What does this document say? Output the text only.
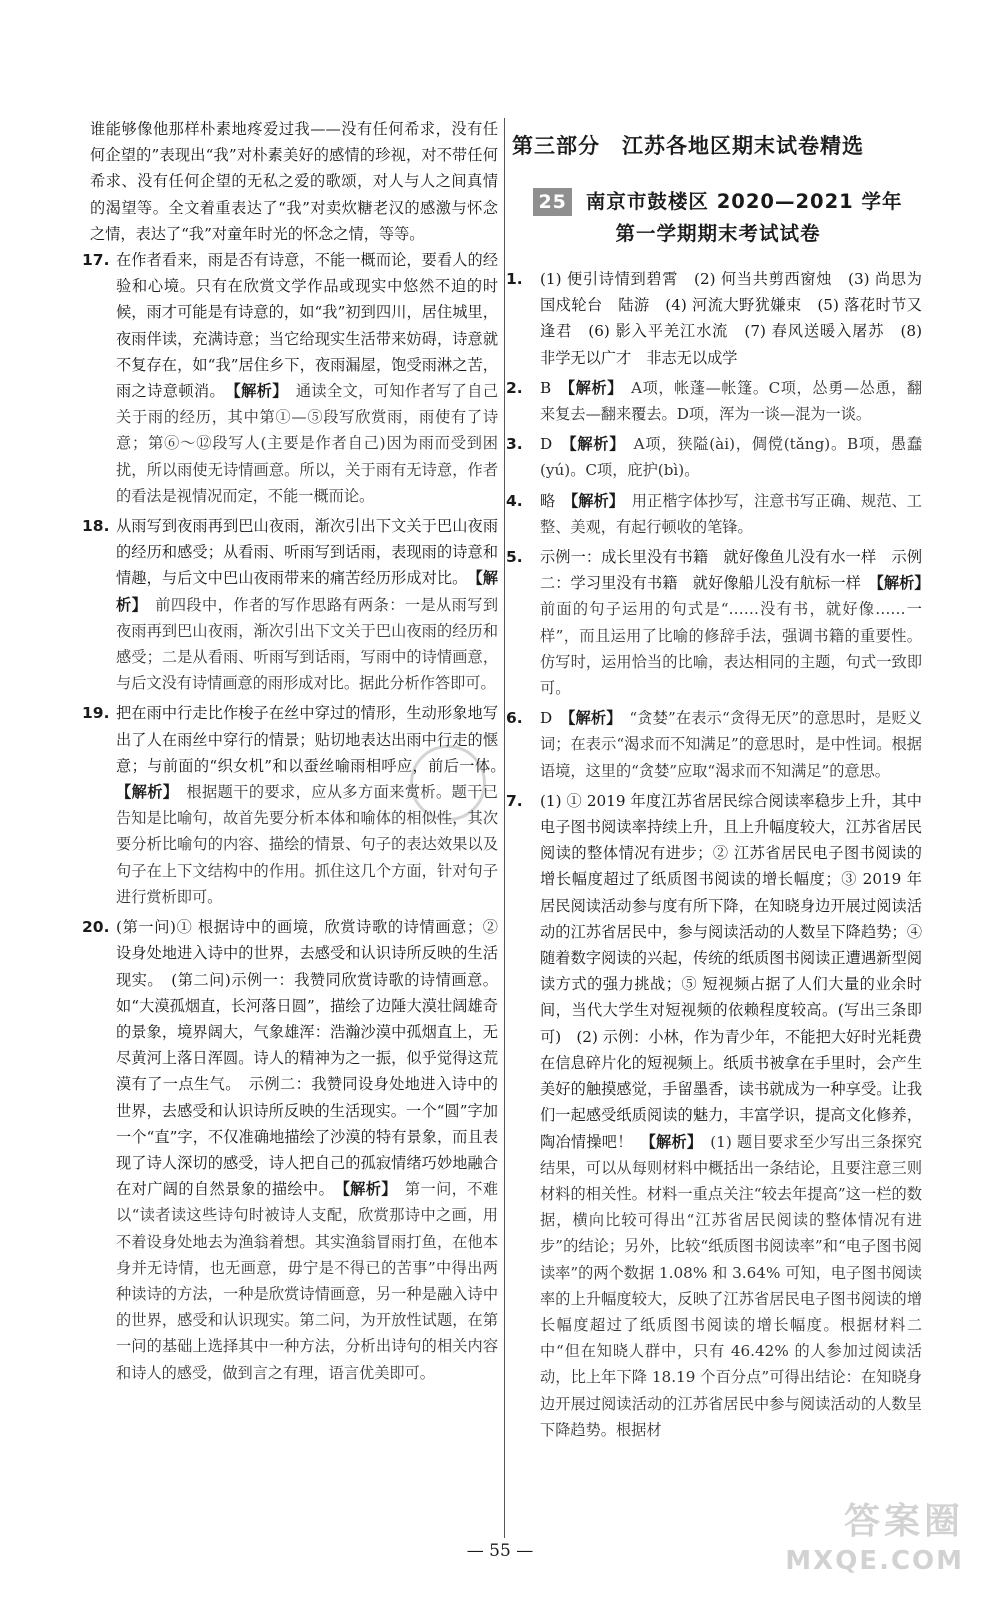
谁能够像他那样朴素地疼爱过我——没有任何希求，没有任何企望的”表现出“我”对朴素美好的感情的珍视，对不带任何希求、没有任何企望的无私之爱的歌颂，对人与人之间真情的渴望等。全文着重表达了“我”对卖炊糖老汉的感激与怀念之情，表达了“我”对童年时光的怀念之情，等等。

17. 在作者看来，雨是否有诗意，不能一概而论，要看人的经验和心境。只有在欣赏文学作品或现实中悠然不迫的时候，雨才可能是有诗意的，如“我”初到四川，居住城里，夜雨伴读，充满诗意；当它给现实生活带来妨碍，诗意就不复存在，如“我”居住乡下，夜雨漏屋，饱受雨淋之苦，雨之诗意顿消。　 【解析】　 通读全文，可知作者写了自己关于雨的经历，其中第①—⑤段写欣赏雨，雨使有了诗意；第⑥～⑫段写人(主要是作者自己)因为雨而受到困扰，所以雨使无诗情画意。所以，关于雨有无诗意，作者的看法是视情况而定，不能一概而论。

18. 从雨写到夜雨再到巴山夜雨，渐次引出下文关于巴山夜雨的经历和感受；从看雨、听雨写到话雨，表现雨的诗意和情趣，与后文中巴山夜雨带来的痛苦经历形成对比。　 【解析】　 前四段中，作者的写作思路有两条：一是从雨写到夜雨再到巴山夜雨，渐次引出下文关于巴山夜雨的经历和感受；二是从看雨、听雨写到话雨，写雨中的诗情画意，与后文没有诗情画意的雨形成对比。据此分析作答即可。

19. 把在雨中行走比作梭子在丝中穿过的情形，生动形象地写出了人在雨丝中穿行的情景；贴切地表达出雨中行走的惬意；与前面的“织女机”和以蚕丝喻雨相呼应，前后一体。　【解析】　 根据题干的要求，应从多方面来赏析。题干已告知是比喻句，故首先要分析本体和喻体的相似性，其次要分析比喻句的内容、描绘的情景、句子的表达效果以及句子在上下文结构中的作用。抓住这几个方面，针对句子进行赏析即可。

20. (第一问)① 根据诗中的画境，欣赏诗歌的诗情画意；② 设身处地进入诗中的世界，去感受和认识诗所反映的生活现实。　(第二问)示例一：我赞同欣赏诗歌的诗情画意。如“大漠孤烟直，长河落日圆”，描绘了边陲大漠壮阔雄奇的景象，境界阔大，气象雄浑：浩瀚沙漠中孤烟直上，无尽黄河上落日浑圆。诗人的精神为之一振，似乎觉得这荒漠有了一点生气。　示例二：我赞同设身处地进入诗中的世界，去感受和认识诗所反映的生活现实。一个“圆”字加一个“直”字，不仅准确地描绘了沙漠的特有景象，而且表现了诗人深切的感受，诗人把自己的孤寂情绪巧妙地融合在对广阔的自然景象的描绘中。　 【解析】　 第一问，不难以“读者读这些诗句时被诗人支配，欣赏那诗中之画，用不着设身处地去为渔翁着想。其实渔翁冒雨打鱼，在他本身并无诗情，也无画意，毋宁是不得已的苦事”中得出两种读诗的方法，一种是欣赏诗情画意，另一种是融入诗中的世界，感受和认识现实。第二问，为开放性试题，在第一问的基础上选择其中一种方法，分析出诗句的相关内容和诗人的感受，做到言之有理，语言优美即可。

第三部分　江苏各地区期末试卷精选
25 南京市鼓楼区 2020—2021 学年
第一学期期末考试试卷

1. (1) 便引诗情到碧霄　(2) 何当共剪西窗烛　(3) 尚思为国戍轮台　陆游　(4) 河流大野犹嫌束　(5) 落花时节又逢君　(6) 影入平羌江水流　(7) 春风送暖入屠苏　(8) 非学无以广才　非志无以成学

2. B　 【解析】　 A项，帐蓬—帐篷。C项，怂勇—怂恿，翻来复去—翻来覆去。D项，浑为一谈—混为一谈。

3. D　 【解析】　 A项，狭隘(ài)，倜傥(tǎng)。B项，愚蠢(yú)。C项，庇护(bì)。

4. 略　 【解析】　 用正楷字体抄写，注意书写正确、规范、工整、美观，有起行顿收的笔锋。

5. 示例一：成长里没有书籍　就好像鱼儿没有水一样　示例二：学习里没有书籍　就好像船儿没有航标一样　 【解析】　前面的句子运用的句式是“……没有书，就好像……一样”，而且运用了比喻的修辞手法，强调书籍的重要性。仿写时，运用恰当的比喻，表达相同的主题，句式一致即可。

6. D　 【解析】　 “贪婪”在表示“贪得无厌”的意思时，是贬义词；在表示“渴求而不知满足”的意思时，是中性词。根据语境，这里的“贪婪”应取“渴求而不知满足”的意思。

7. (1) ① 2019 年度江苏省居民综合阅读率稳步上升，其中电子图书阅读率持续上升，且上升幅度较大，江苏省居民阅读的整体情况有进步；② 江苏省居民电子图书阅读的增长幅度超过了纸质图书阅读的增长幅度；③ 2019 年居民阅读活动参与度有所下降，在知晓身边开展过阅读活动的江苏省居民中，参与阅读活动的人数呈下降趋势；④ 随着数字阅读的兴起，传统的纸质图书阅读正遭遇新型阅读方式的强力挑战；⑤ 短视频占据了人们大量的业余时间，当代大学生对短视频的依赖程度较高。(写出三条即可)　(2) 示例：小林，作为青少年，不能把大好时光耗费在信息碎片化的短视频上。纸质书被拿在手里时，会产生美好的触摸感觉，手留墨香，读书就成为一种享受。让我们一起感受纸质阅读的魅力，丰富学识，提高文化修养，陶冶情操吧！　 【解析】　 (1) 题目要求至少写出三条探究结果，可以从每则材料中概括出一条结论，且要注意三则材料的相关性。材料一重点关注“较去年提高”这一栏的数据，横向比较可得出“江苏省居民阅读的整体情况有进步”的结论；另外，比较“纸质图书阅读率”和“电子图书阅读率”的两个数据 1.08% 和 3.64% 可知，电子图书阅读率的上升幅度较大，反映了江苏省居民电子图书阅读的增长幅度超过了纸质图书阅读的增长幅度。根据材料二中“但在知晓人群中，只有 46.42% 的人参加过阅读活动，比上年下降 18.19 个百分点”可得出结论：在知晓身边开展过阅读活动的江苏省居民中参与阅读活动的人数呈下降趋势。根据材

— 55 —
答案圈
MXQE.COM
